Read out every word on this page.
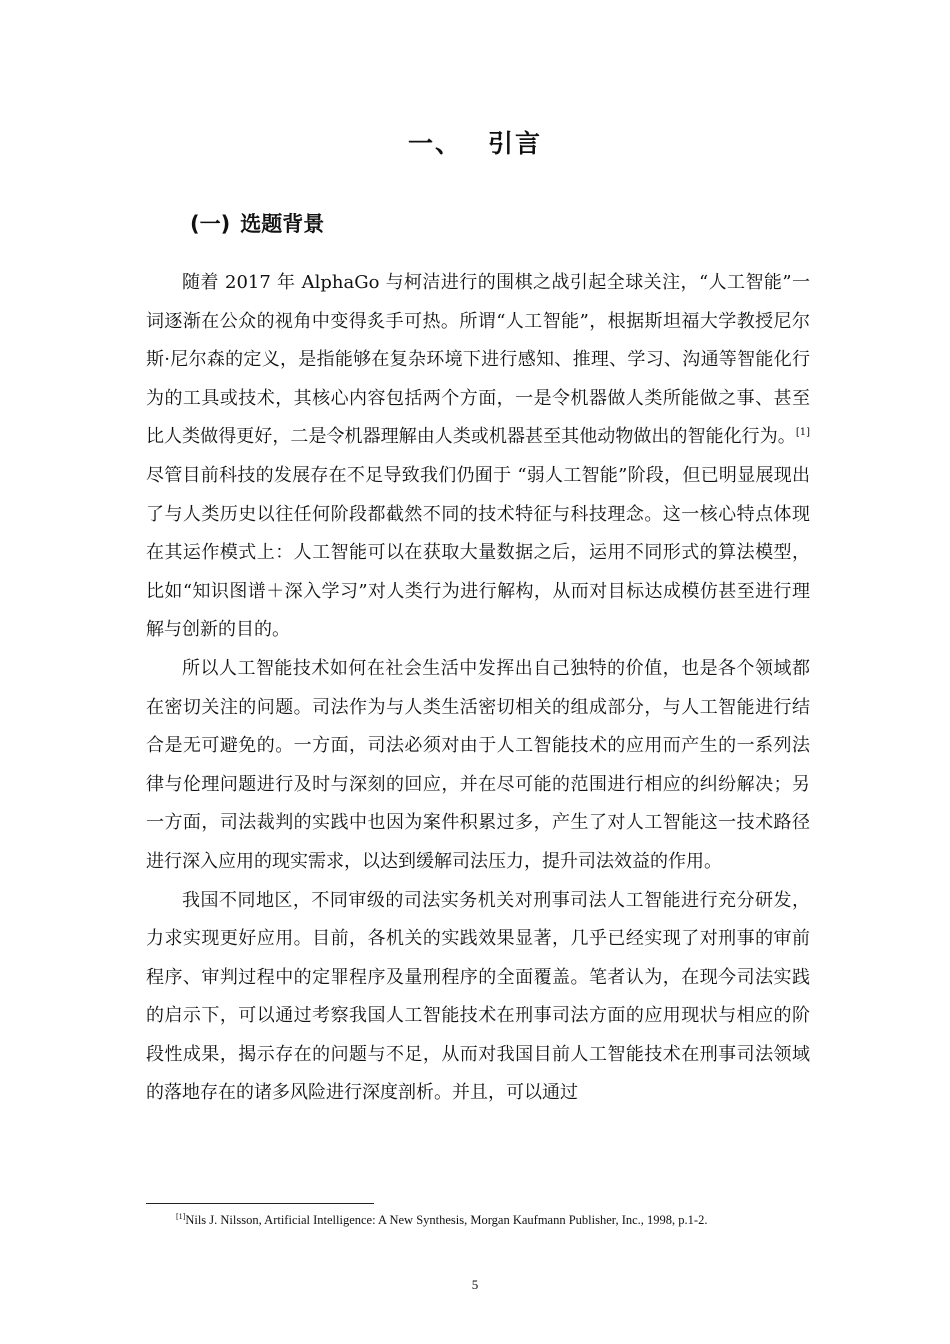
一、 引言
(一) 选题背景

随着 2017 年 AlphaGo 与柯洁进行的围棋之战引起全球关注，“人工智能”一词逐渐在公众的视角中变得炙手可热。所谓“人工智能”，根据斯坦福大学教授尼尔斯·尼尔森的定义，是指能够在复杂环境下进行感知、推理、学习、沟通等智能化行为的工具或技术，其核心内容包括两个方面，一是令机器做人类所能做之事、甚至比人类做得更好，二是令机器理解由人类或机器甚至其他动物做出的智能化行为。[1]尽管目前科技的发展存在不足导致我们仍囿于 “弱人工智能”阶段，但已明显展现出了与人类历史以往任何阶段都截然不同的技术特征与科技理念。这一核心特点体现在其运作模式上：人工智能可以在获取大量数据之后，运用不同形式的算法模型，比如“知识图谱＋深入学习”对人类行为进行解构，从而对目标达成模仿甚至进行理解与创新的目的。

所以人工智能技术如何在社会生活中发挥出自己独特的价值，也是各个领域都在密切关注的问题。司法作为与人类生活密切相关的组成部分，与人工智能进行结合是无可避免的。一方面，司法必须对由于人工智能技术的应用而产生的一系列法律与伦理问题进行及时与深刻的回应，并在尽可能的范围进行相应的纠纷解决；另一方面，司法裁判的实践中也因为案件积累过多，产生了对人工智能这一技术路径进行深入应用的现实需求，以达到缓解司法压力，提升司法效益的作用。

我国不同地区，不同审级的司法实务机关对刑事司法人工智能进行充分研发，力求实现更好应用。目前，各机关的实践效果显著，几乎已经实现了对刑事的审前程序、审判过程中的定罪程序及量刑程序的全面覆盖。笔者认为，在现今司法实践的启示下，可以通过考察我国人工智能技术在刑事司法方面的应用现状与相应的阶段性成果，揭示存在的问题与不足，从而对我国目前人工智能技术在刑事司法领域的落地存在的诸多风险进行深度剖析。并且，可以通过

[1]Nils J. Nilsson, Artificial Intelligence: A New Synthesis, Morgan Kaufmann Publisher, Inc., 1998, p.1-2.

5
